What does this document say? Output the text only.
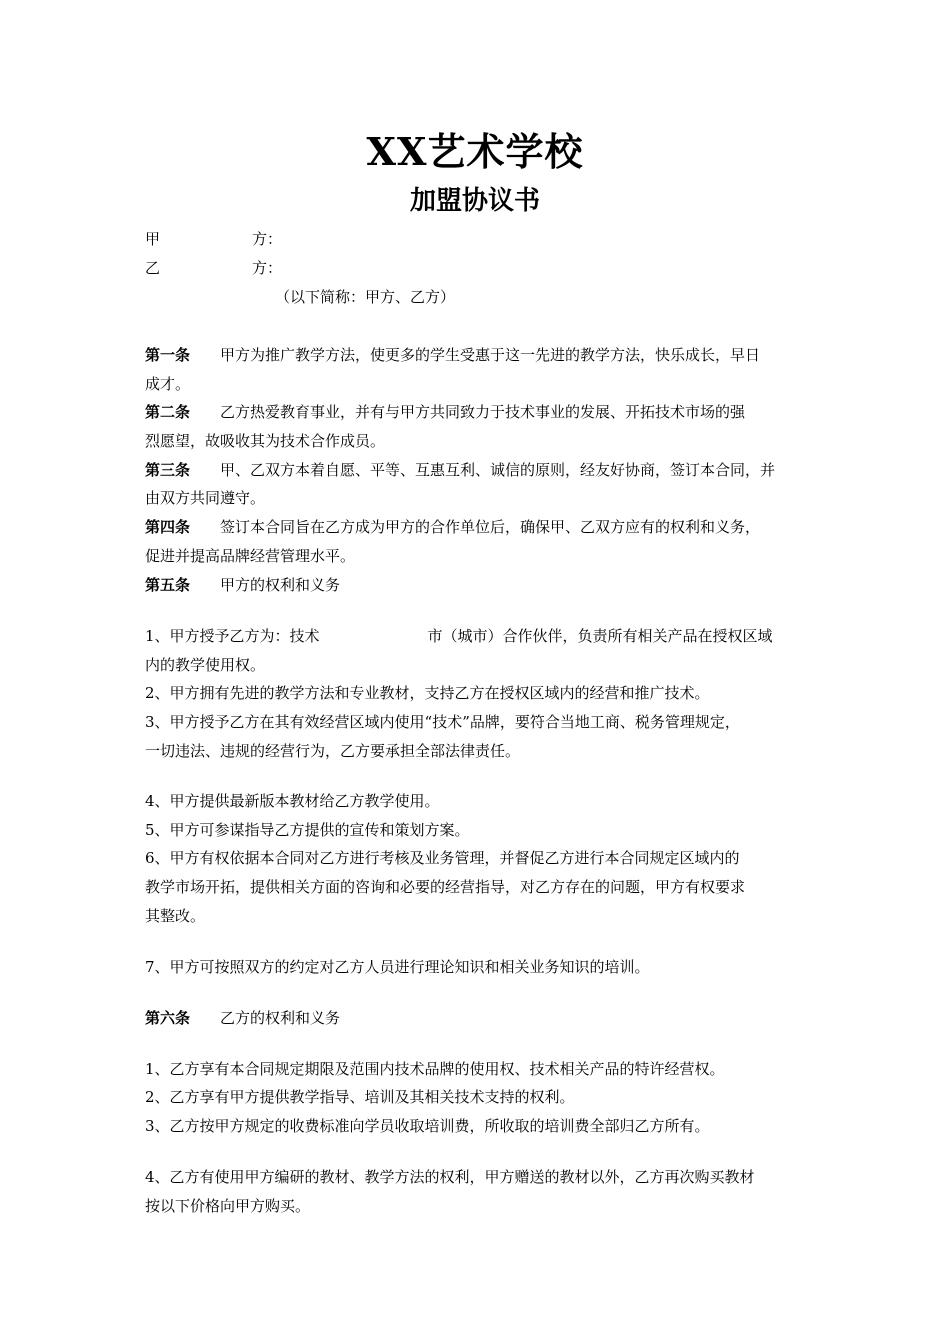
XX艺术学校
加盟协议书
甲	方：
乙	方：
（以下简称：甲方、乙方）
第一条 甲方为推广教学方法，使更多的学生受惠于这一先进的教学方法，快乐成长，早日
成才。
第二条 乙方热爱教育事业，并有与甲方共同致力于技术事业的发展、开拓技术市场的强
烈愿望，故吸收其为技术合作成员。
第三条 甲、乙双方本着自愿、平等、互惠互利、诚信的原则，经友好协商，签订本合同，并
由双方共同遵守。
第四条 签订本合同旨在乙方成为甲方的合作单位后，确保甲、乙双方应有的权利和义务，
促进并提高品牌经营管理水平。
第五条 甲方的权利和义务
1、甲方授予乙方为：技术	市（城市）合作伙伴，负责所有相关产品在授权区域
内的教学使用权。
2、甲方拥有先进的教学方法和专业教材，支持乙方在授权区域内的经营和推广技术。
3、甲方授予乙方在其有效经营区域内使用“技术”品牌，要符合当地工商、税务管理规定，
一切违法、违规的经营行为，乙方要承担全部法律责任。
4、甲方提供最新版本教材给乙方教学使用。
5、甲方可参谋指导乙方提供的宣传和策划方案。
6、甲方有权依据本合同对乙方进行考核及业务管理，并督促乙方进行本合同规定区域内的
教学市场开拓，提供相关方面的咨询和必要的经营指导，对乙方存在的问题，甲方有权要求
其整改。
7、甲方可按照双方的约定对乙方人员进行理论知识和相关业务知识的培训。
第六条 乙方的权利和义务
1、乙方享有本合同规定期限及范围内技术品牌的使用权、技术相关产品的特许经营权。
2、乙方享有甲方提供教学指导、培训及其相关技术支持的权利。
3、乙方按甲方规定的收费标准向学员收取培训费，所收取的培训费全部归乙方所有。
4、乙方有使用甲方编研的教材、教学方法的权利，甲方赠送的教材以外，乙方再次购买教材
按以下价格向甲方购买。
